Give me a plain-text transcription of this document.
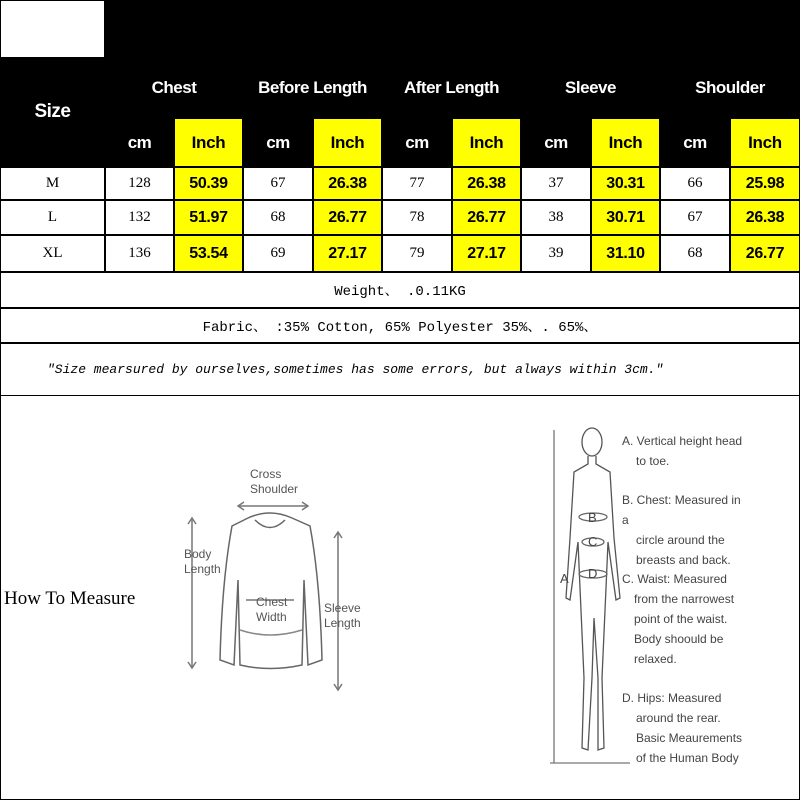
Size
Chest	Before Length	After Length	Sleeve	Shoulder
cm	Inch	cm	Inch	cm	Inch	cm	Inch	cm	Inch
M	128	50.39	67	26.38	77	26.38	37	30.31	66	25.98
L	132	51.97	68	26.77	78	26.77	38	30.71	67	26.38
XL	136	53.54	69	27.17	79	27.17	39	31.10	68	26.77
Weight、 .0.11KG
Fabric、 :35% Cotton, 65% Polyester 35%、. 65%、
"Size mearsured by ourselves,sometimes has some errors, but always within 3cm."
How To Measure
Cross
Shoulder
Body
Length
Chest
Width
Sleeve
Length
A
B
C
D
A. Vertical height head
to toe.
B. Chest: Measured in a
circle around the
breasts and back.
C. Waist: Measured
from the narrowest
point of the waist.
Body shoould be
relaxed.
D. Hips: Measured
around the rear.
Basic Meaurements
of the Human Body
